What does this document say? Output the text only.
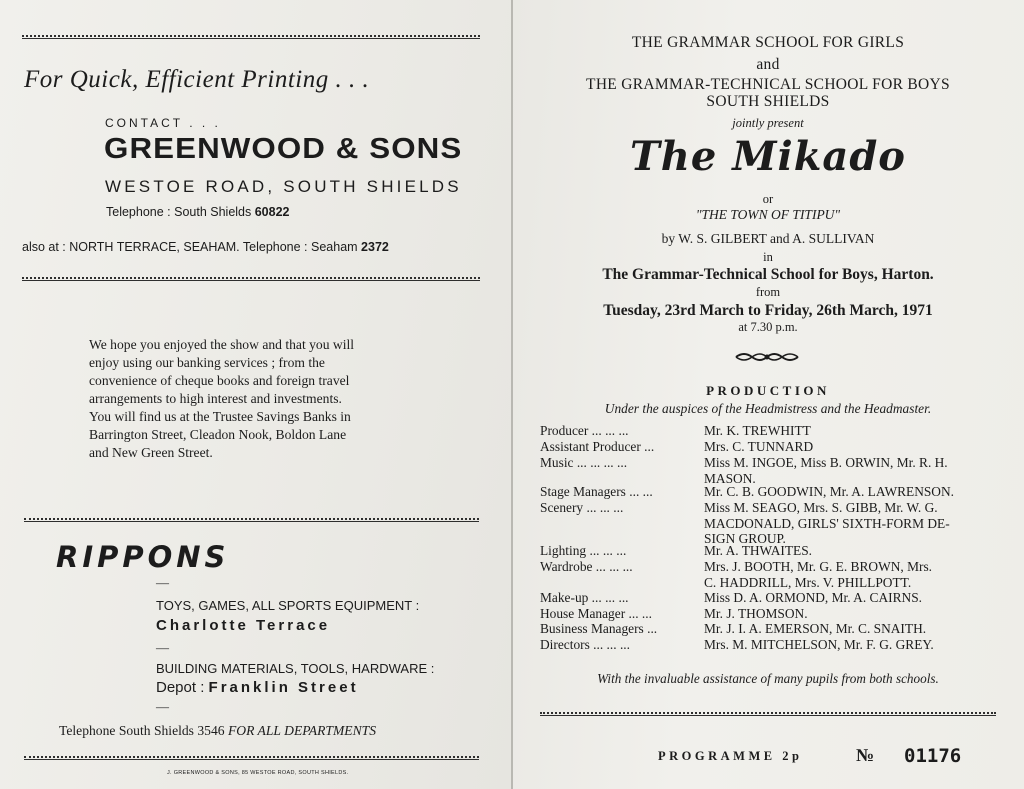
For Quick, Efficient Printing . . .
CONTACT . . .
GREENWOOD & SONS
WESTOE ROAD, SOUTH SHIELDS
Telephone : South Shields 60822
also at : NORTH TERRACE, SEAHAM. Telephone : Seaham 2372
We hope you enjoyed the show and that you will
enjoy using our banking services ; from the
convenience of cheque books and foreign travel
arrangements to high interest and investments.
You will find us at the Trustee Savings Banks in
Barrington Street, Cleadon Nook, Boldon Lane
and New Green Street.
RIPPONS
—
TOYS, GAMES, ALL SPORTS EQUIPMENT :
Charlotte Terrace
—
BUILDING MATERIALS, TOOLS, HARDWARE :
Depot : Franklin Street
—
Telephone South Shields 3546 FOR ALL DEPARTMENTS
J. GREENWOOD & SONS, 85 WESTOE ROAD, SOUTH SHIELDS.
THE GRAMMAR SCHOOL FOR GIRLS
and
THE GRAMMAR-TECHNICAL SCHOOL FOR BOYS
SOUTH SHIELDS
jointly present
The Mikado
or
"THE TOWN OF TITIPU"
by W. S. GILBERT and A. SULLIVAN
in
The Grammar-Technical School for Boys, Harton.
from
Tuesday, 23rd March to Friday, 26th March, 1971
at 7.30 p.m.
PRODUCTION
Under the auspices of the Headmistress and the Headmaster.
Producer ... ... ...	Mr. K. TREWHITT
Assistant Producer ...	Mrs. C. TUNNARD
Music ... ... ... ...	Miss M. INGOE, Miss B. ORWIN, Mr. R. H.
MASON.
Stage Managers ... ...	Mr. C. B. GOODWIN, Mr. A. LAWRENSON.
Scenery ... ... ...	Miss M. SEAGO, Mrs. S. GIBB, Mr. W. G.
MACDONALD, GIRLS' SIXTH-FORM DE-
SIGN GROUP.
Lighting ... ... ...	Mr. A. THWAITES.
Wardrobe ... ... ...	Mrs. J. BOOTH, Mr. G. E. BROWN, Mrs.
C. HADDRILL, Mrs. V. PHILLPOTT.
Make-up ... ... ...	Miss D. A. ORMOND, Mr. A. CAIRNS.
House Manager ... ...	Mr. J. THOMSON.
Business Managers ...	Mr. J. I. A. EMERSON, Mr. C. SNAITH.
Directors ... ... ...	Mrs. M. MITCHELSON, Mr. F. G. GREY.
With the invaluable assistance of many pupils from both schools.
PROGRAMME 2p	№ 01176
